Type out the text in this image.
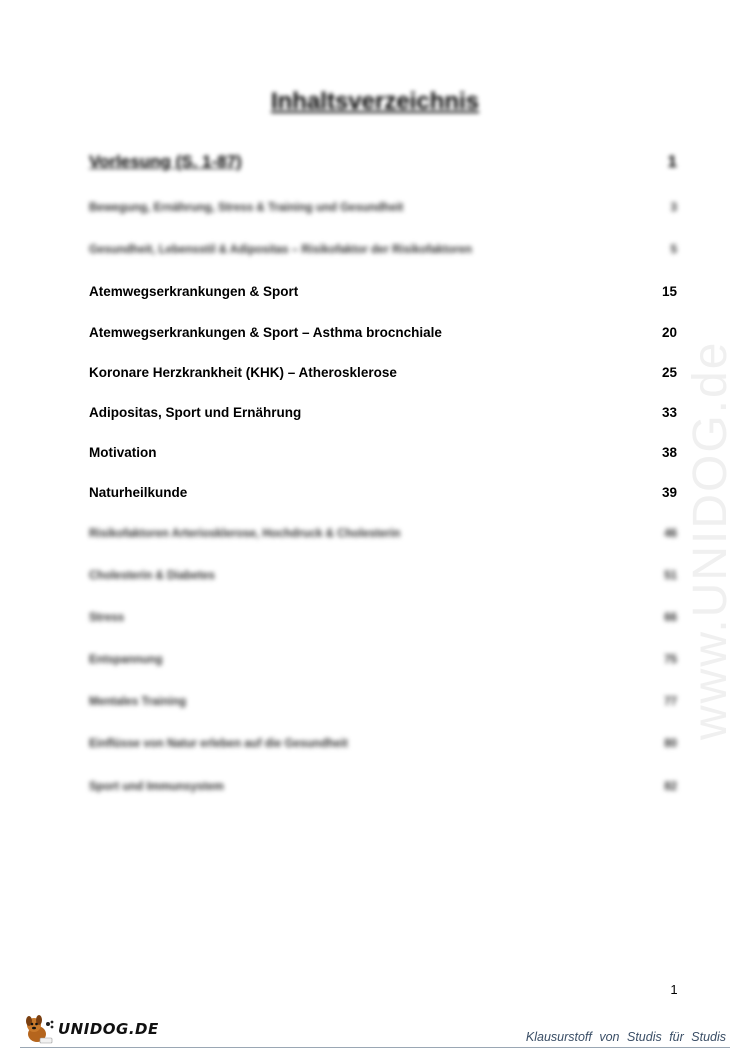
Inhaltsverzeichnis
Vorlesung (S. 1-87)	1
Bewegung, Ernährung, Stress & Training und Gesundheit	3
Gesundheit, Lebensstil & Adipositas – Risikofaktor der Risikofaktoren	5
Atemwegserkrankungen & Sport	15
Atemwegserkrankungen & Sport – Asthma brocnchiale	20
Koronare Herzkrankheit (KHK) – Atherosklerose	25
Adipositas, Sport und Ernährung	33
Motivation	38
Naturheilkunde	39
Risikofaktoren Arteriosklerose, Hochdruck & Cholesterin	46
Cholesterin & Diabetes	51
Stress	66
Entspannung	75
Mentales Training	77
Einflüsse von Natur erleben auf die Gesundheit	80
Sport und Immunsystem	82
www.UNIDOG.de
1
UNIDOG.DE	Klausurstoff von Studis für Studis
